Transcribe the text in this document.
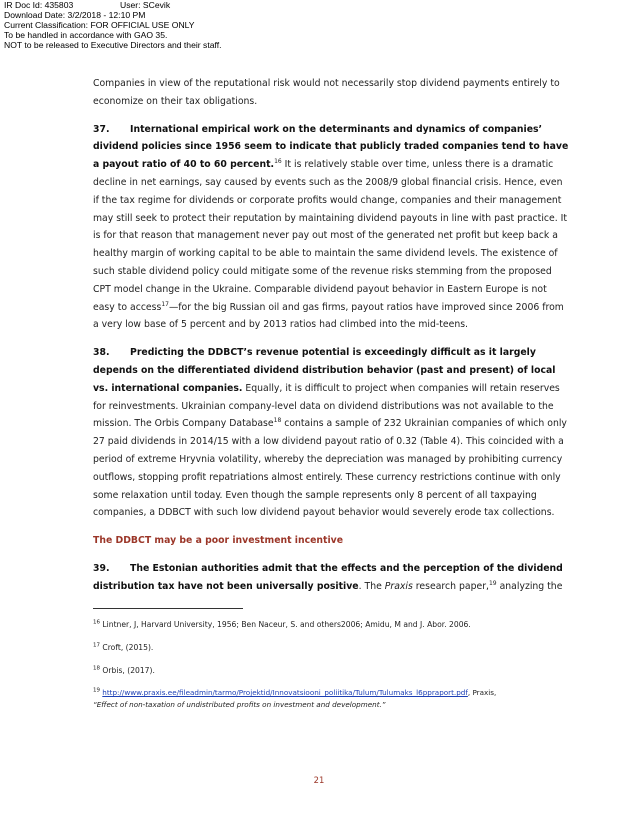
IR Doc Id: 435803	User: SCevik
Download Date: 3/2/2018 - 12:10 PM
Current Classification: FOR OFFICIAL USE ONLY
To be handled in accordance with GAO 35.
NOT to be released to Executive Directors and their staff.

Companies in view of the reputational risk would not necessarily stop dividend payments entirely to economize on their tax obligations.

37. International empirical work on the determinants and dynamics of companies’ dividend policies since 1956 seem to indicate that publicly traded companies tend to have a payout ratio of 40 to 60 percent.$^{16}$ It is relatively stable over time, unless there is a dramatic decline in net earnings, say caused by events such as the 2008/9 global financial crisis. Hence, even if the tax regime for dividends or corporate profits would change, companies and their management may still seek to protect their reputation by maintaining dividend payouts in line with past practice. It is for that reason that management never pay out most of the generated net profit but keep back a healthy margin of working capital to be able to maintain the same dividend levels. The existence of such stable dividend policy could mitigate some of the revenue risks stemming from the proposed CPT model change in the Ukraine. Comparable dividend payout behavior in Eastern Europe is not easy to access$^{17}$—for the big Russian oil and gas firms, payout ratios have improved since 2006 from a very low base of 5 percent and by 2013 ratios had climbed into the mid-teens.

38. Predicting the DDBCT’s revenue potential is exceedingly difficult as it largely depends on the differentiated dividend distribution behavior (past and present) of local vs. international companies. Equally, it is difficult to project when companies will retain reserves for reinvestments. Ukrainian company-level data on dividend distributions was not available to the mission. The Orbis Company Database$^{18}$ contains a sample of 232 Ukrainian companies of which only 27 paid dividends in 2014/15 with a low dividend payout ratio of 0.32 (Table 4). This coincided with a period of extreme Hryvnia volatility, whereby the depreciation was managed by prohibiting currency outflows, stopping profit repatriations almost entirely. These currency restrictions continue with only some relaxation until today. Even though the sample represents only 8 percent of all taxpaying companies, a DDBCT with such low dividend payout behavior would severely erode tax collections.

The DDBCT may be a poor investment incentive

39. The Estonian authorities admit that the effects and the perception of the dividend distribution tax have not been universally positive. The Praxis research paper,$^{19}$ analyzing the

$^{16}$ Lintner, J, Harvard University, 1956; Ben Naceur, S. and others2006; Amidu, M and J. Abor. 2006.
$^{17}$ Croft, (2015).
$^{18}$ Orbis, (2017).
$^{19}$ http://www.praxis.ee/fileadmin/tarmo/Projektid/Innovatsiooni_poliitika/Tulum/Tulumaks_l6ppraport.pdf, Praxis,
“Effect of non-taxation of undistributed profits on investment and development.”
21
